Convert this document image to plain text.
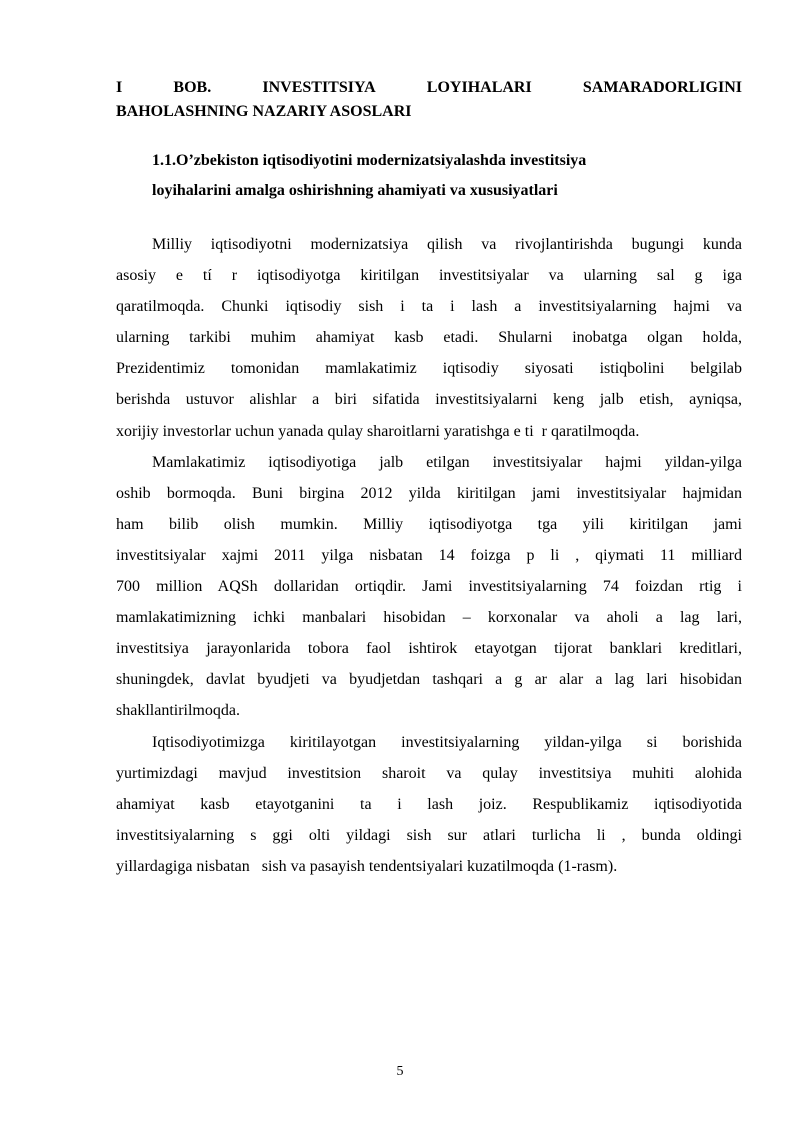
I	BOB.	INVESTITSIYA	LOYIHALARI	SAMARADORLIGINI
BAHOLASHNING NAZARIY ASOSLARI
1.1.O’zbekiston iqtisodiyotini modernizatsiyalashda investitsiya
loyihalarini amalga oshirishning ahamiyati va xususiyatlari
Milliy iqtisodiyotni modernizatsiya qilish va rivojlantirishda bugungi kunda
asosiy e tí r iqtisodiyotga kiritilgan investitsiyalar va ularning sal g iga
qaratilmoqda. Chunki iqtisodiy sish i ta i lash a investitsiyalarning hajmi va
ularning tarkibi muhim ahamiyat kasb etadi. Shularni inobatga olgan holda,
Prezidentimiz tomonidan mamlakatimiz iqtisodiy siyosati istiqbolini belgilab
berishda ustuvor alishlar a biri sifatida investitsiyalarni keng jalb etish, ayniqsa,
xorijiy investorlar uchun yanada qulay sharoitlarni yaratishga e ti  r qaratilmoqda.
Mamlakatimiz iqtisodiyotiga jalb etilgan investitsiyalar hajmi yildan-yilga
oshib bormoqda. Buni birgina 2012 yilda kiritilgan jami investitsiyalar hajmidan
ham bilib olish mumkin. Milliy iqtisodiyotga tga yili kiritilgan jami
investitsiyalar xajmi 2011 yilga nisbatan 14 foizga p li , qiymati 11 milliard
700 million AQSh dollaridan ortiqdir. Jami investitsiyalarning 74 foizdan rtig i
mamlakatimizning ichki manbalari hisobidan – korxonalar va aholi a lag lari,
investitsiya jarayonlarida tobora faol ishtirok etayotgan tijorat banklari kreditlari,
shuningdek, davlat byudjeti va byudjetdan tashqari a g ar alar a lag lari hisobidan
shakllantirilmoqda.
Iqtisodiyotimizga kiritilayotgan investitsiyalarning yildan-yilga si borishida
yurtimizdagi mavjud investitsion sharoit va qulay investitsiya muhiti alohida
ahamiyat kasb etayotganini ta i lash joiz. Respublikamiz iqtisodiyotida
investitsiyalarning s ggi olti yildagi sish sur atlari turlicha li , bunda oldingi
yillardagiga nisbatan   sish va pasayish tendentsiyalari kuzatilmoqda (1-rasm).
5
